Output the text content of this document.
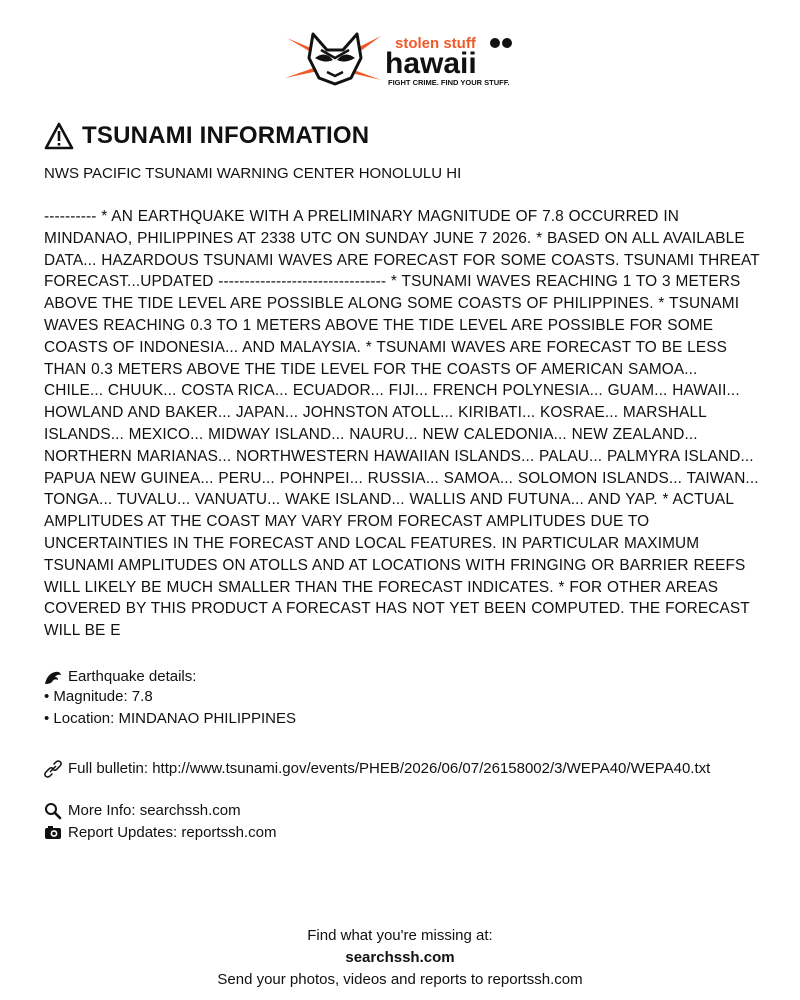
stolen stuff
hawaii
FIGHT CRIME. FIND YOUR STUFF.
TSUNAMI INFORMATION

NWS PACIFIC TSUNAMI WARNING CENTER HONOLULU HI

---------- * AN EARTHQUAKE WITH A PRELIMINARY MAGNITUDE OF 7.8 OCCURRED IN MINDANAO, PHILIPPINES AT 2338 UTC ON SUNDAY JUNE 7 2026. * BASED ON ALL AVAILABLE DATA... HAZARDOUS TSUNAMI WAVES ARE FORECAST FOR SOME COASTS. TSUNAMI THREAT FORECAST...UPDATED -------------------------------- * TSUNAMI WAVES REACHING 1 TO 3 METERS ABOVE THE TIDE LEVEL ARE POSSIBLE ALONG SOME COASTS OF PHILIPPINES. * TSUNAMI WAVES REACHING 0.3 TO 1 METERS ABOVE THE TIDE LEVEL ARE POSSIBLE FOR SOME COASTS OF INDONESIA... AND MALAYSIA. * TSUNAMI WAVES ARE FORECAST TO BE LESS THAN 0.3 METERS ABOVE THE TIDE LEVEL FOR THE COASTS OF AMERICAN SAMOA... CHILE... CHUUK... COSTA RICA... ECUADOR... FIJI... FRENCH POLYNESIA... GUAM... HAWAII... HOWLAND AND BAKER... JAPAN... JOHNSTON ATOLL... KIRIBATI... KOSRAE... MARSHALL ISLANDS... MEXICO... MIDWAY ISLAND... NAURU... NEW CALEDONIA... NEW ZEALAND... NORTHERN MARIANAS... NORTHWESTERN HAWAIIAN ISLANDS... PALAU... PALMYRA ISLAND... PAPUA NEW GUINEA... PERU... POHNPEI... RUSSIA... SAMOA... SOLOMON ISLANDS... TAIWAN... TONGA... TUVALU... VANUATU... WAKE ISLAND... WALLIS AND FUTUNA... AND YAP. * ACTUAL AMPLITUDES AT THE COAST MAY VARY FROM FORECAST AMPLITUDES DUE TO UNCERTAINTIES IN THE FORECAST AND LOCAL FEATURES. IN PARTICULAR MAXIMUM TSUNAMI AMPLITUDES ON ATOLLS AND AT LOCATIONS WITH FRINGING OR BARRIER REEFS WILL LIKELY BE MUCH SMALLER THAN THE FORECAST INDICATES. * FOR OTHER AREAS COVERED BY THIS PRODUCT A FORECAST HAS NOT YET BEEN COMPUTED. THE FORECAST WILL BE E

Earthquake details:
• Magnitude: 7.8
• Location: MINDANAO PHILIPPINES
Full bulletin:
http://www.tsunami.gov/events/PHEB/2026/06/07/26158002/3/WEPA40/WEPA40.txt
More Info:
searchssh.com
Report Updates:
reportssh.com
Find what you're missing at:
searchssh.com
Send your photos, videos and reports to reportssh.com
